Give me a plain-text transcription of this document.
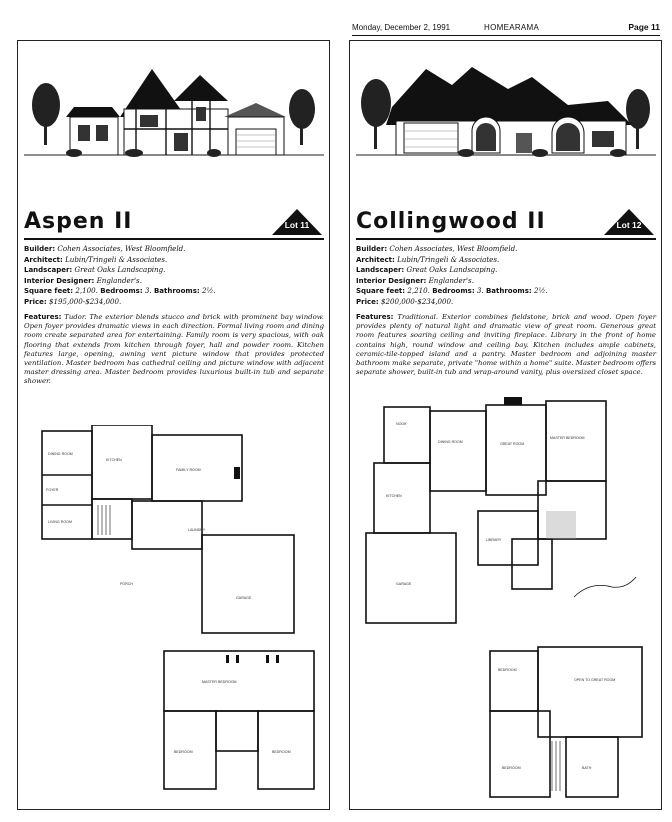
Monday, December 2, 1991	HOMEARAMA	Page 11
Aspen II	Lot 11
Builder: Cohen Associates, West Bloomfield.
Architect: Lubin/Tringeli & Associates.
Landscaper: Great Oaks Landscaping.
Interior Designer: Englander's.
Square feet: 2,100. Bedrooms: 3. Bathrooms: 2½.
Price: $195,000-$234,000.
Features: Tudor. The exterior blends stucco and brick with prominent bay window. Open foyer provides dramatic views in each direction. Formal living room and dining room create separated area for entertaining. Family room is very spacious, with oak flooring that extends from kitchen through foyer, hall and powder room. Kitchen features large, opening, awning vent picture window that provides protected ventilation. Master bedroom has cathedral ceiling and picture window with adjacent master dressing area. Master bedroom provides luxurious built-in tub and separate shower.
DINING ROOM
FOYER
LIVING ROOM
KITCHEN
FAMILY ROOM
LAUNDRY
PORCH
GARAGE
MASTER BEDROOM
BEDROOM	BEDROOM
Collingwood II	Lot 12
Builder: Cohen Associates, West Bloomfield.
Architect: Lubin/Tringeli & Associates.
Landscaper: Great Oaks Landscaping.
Interior Designer: Englander's.
Square feet: 2,210. Bedrooms: 3. Bathrooms: 2½.
Price: $200,000-$234,000.
Features: Traditional. Exterior combines fieldstone, brick and wood. Open foyer provides plenty of natural light and dramatic view of great room. Generous great room features soaring ceiling and inviting fireplace. Library in the front of home contains high, round window and ceiling bay. Kitchen includes ample cabinets, ceramic-tile-topped island and a pantry. Master bedroom and adjoining master bathroom make separate, private "home within a home" suite. Master bedroom offers separate shower, built-in tub and wrap-around vanity, plus oversized closet space.
NOOK
DINING ROOM	GREAT ROOM
MASTER BEDROOM
KITCHEN
LIBRARY
GARAGE
BEDROOM
OPEN TO GREAT ROOM
BEDROOM	BATH
